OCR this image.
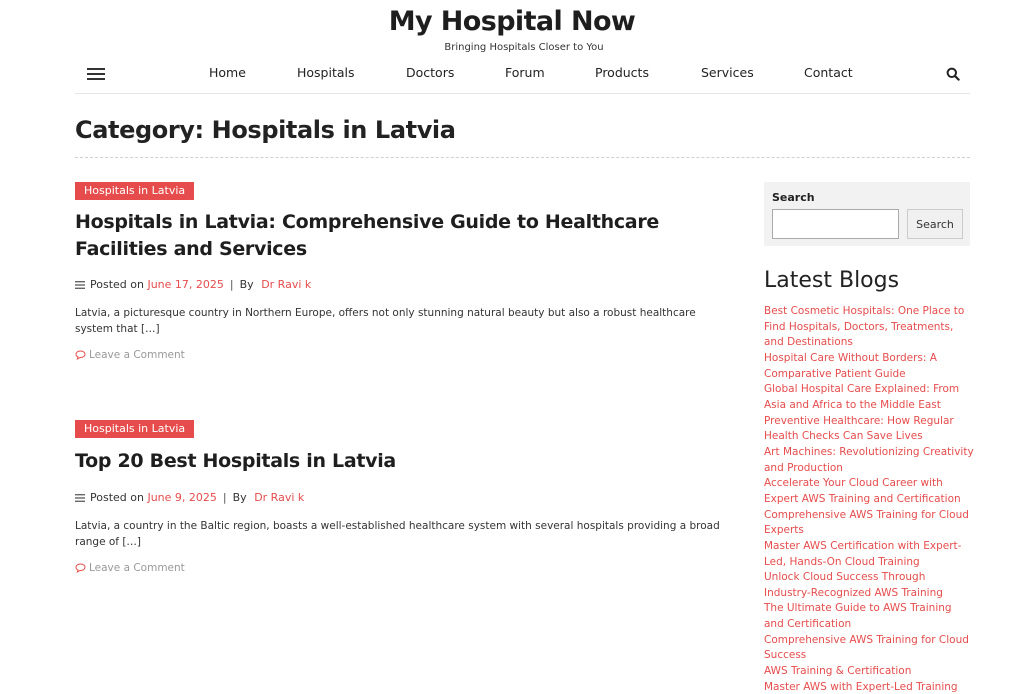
My Hospital Now
Bringing Hospitals Closer to You
Home	Hospitals	Doctors	Forum	Products	Services	Contact
Category: Hospitals in Latvia
Hospitals in Latvia
Hospitals in Latvia: Comprehensive Guide to Healthcare Facilities and Services
Posted on June 17, 2025 | By Dr Ravi k
Latvia, a picturesque country in Northern Europe, offers not only stunning natural beauty but also a robust healthcare system that […]
Leave a Comment
Hospitals in Latvia
Top 20 Best Hospitals in Latvia
Posted on June 9, 2025 | By Dr Ravi k
Latvia, a country in the Baltic region, boasts a well-established healthcare system with several hospitals providing a broad range of […]
Leave a Comment
Search
Search
Latest Blogs
Best Cosmetic Hospitals: One Place to Find Hospitals, Doctors, Treatments, and Destinations
Hospital Care Without Borders: A Comparative Patient Guide
Global Hospital Care Explained: From Asia and Africa to the Middle East
Preventive Healthcare: How Regular Health Checks Can Save Lives
Art Machines: Revolutionizing Creativity and Production
Accelerate Your Cloud Career with Expert AWS Training and Certification
Comprehensive AWS Training for Cloud Experts
Master AWS Certification with Expert-Led, Hands-On Cloud Training
Unlock Cloud Success Through Industry-Recognized AWS Training
The Ultimate Guide to AWS Training and Certification
Comprehensive AWS Training for Cloud Success
AWS Training & Certification
Master AWS with Expert-Led Training
